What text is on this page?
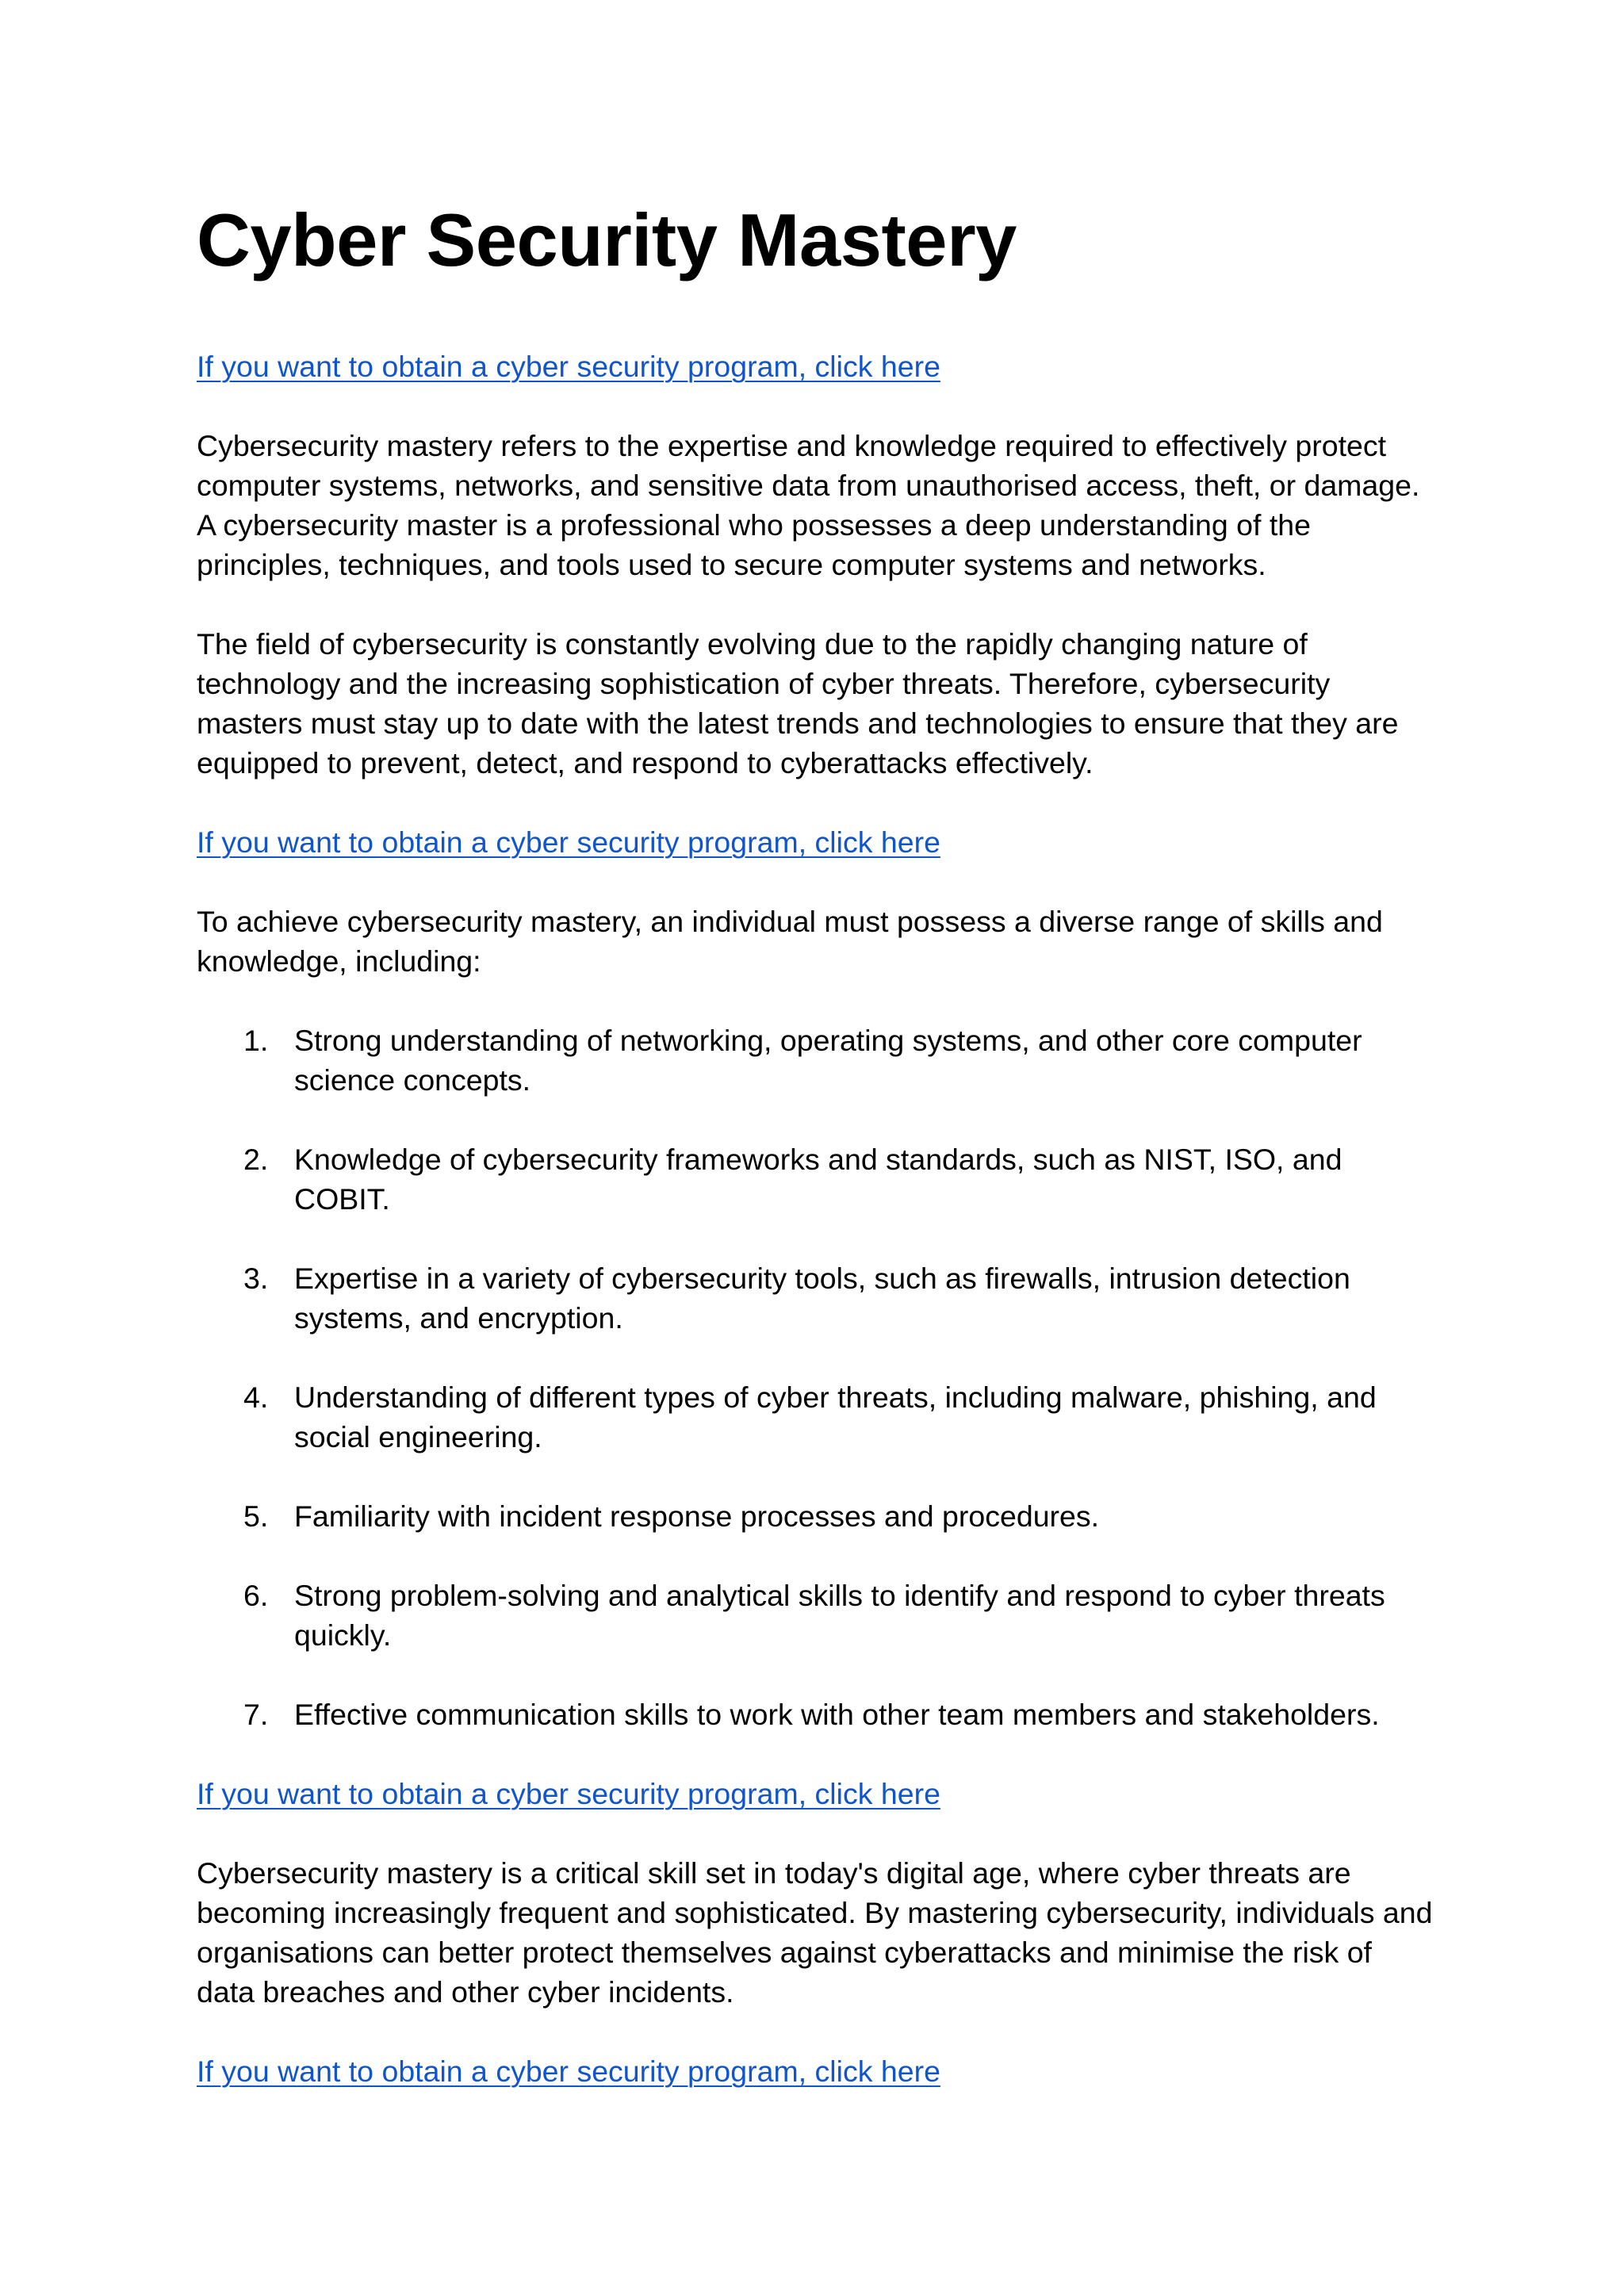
Cyber Security Mastery

If you want to obtain a cyber security program, click here

Cybersecurity mastery refers to the expertise and knowledge required to effectively protect computer systems, networks, and sensitive data from unauthorised access, theft, or damage. A cybersecurity master is a professional who possesses a deep understanding of the principles, techniques, and tools used to secure computer systems and networks.

The field of cybersecurity is constantly evolving due to the rapidly changing nature of technology and the increasing sophistication of cyber threats. Therefore, cybersecurity masters must stay up to date with the latest trends and technologies to ensure that they are equipped to prevent, detect, and respond to cyberattacks effectively.

If you want to obtain a cyber security program, click here

To achieve cybersecurity mastery, an individual must possess a diverse range of skills and knowledge, including:

1. Strong understanding of networking, operating systems, and other core computer science concepts.
2. Knowledge of cybersecurity frameworks and standards, such as NIST, ISO, and COBIT.
3. Expertise in a variety of cybersecurity tools, such as firewalls, intrusion detection systems, and encryption.
4. Understanding of different types of cyber threats, including malware, phishing, and social engineering.
5. Familiarity with incident response processes and procedures.
6. Strong problem-solving and analytical skills to identify and respond to cyber threats quickly.
7. Effective communication skills to work with other team members and stakeholders.

If you want to obtain a cyber security program, click here

Cybersecurity mastery is a critical skill set in today's digital age, where cyber threats are becoming increasingly frequent and sophisticated. By mastering cybersecurity, individuals and organisations can better protect themselves against cyberattacks and minimise the risk of data breaches and other cyber incidents.

If you want to obtain a cyber security program, click here
